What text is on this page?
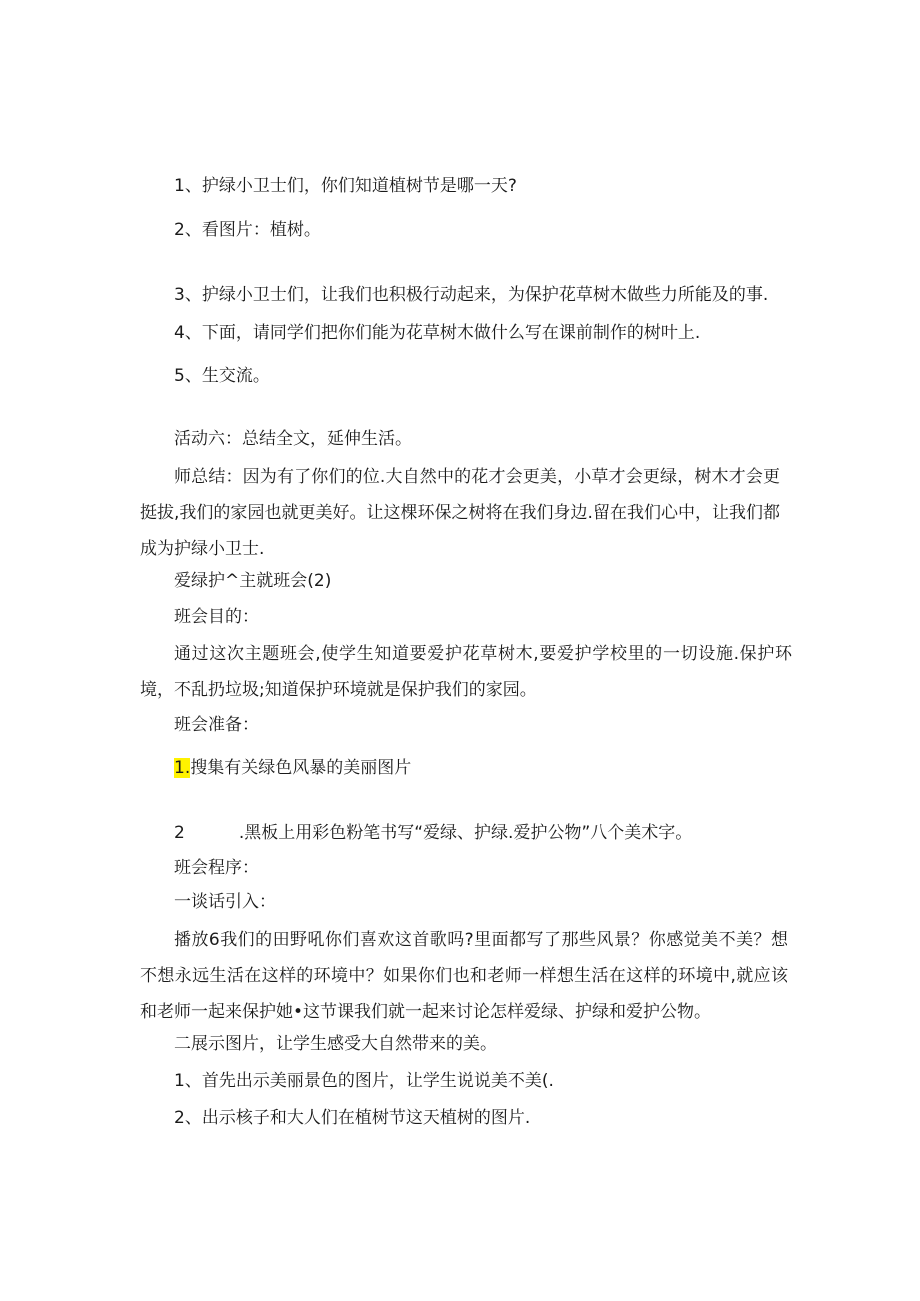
1、护绿小卫士们，你们知道植树节是哪一天?

2、看图片：植树。

3、护绿小卫士们，让我们也积极行动起来，为保护花草树木做些力所能及的事.

4、下面，请同学们把你们能为花草树木做什么写在课前制作的树叶上.

5、生交流。

活动六：总结全文，延伸生活。

师总结：因为有了你们的位.大自然中的花才会更美，小草才会更绿，树木才会更挺拔,我们的家园也就更美好。让这棵环保之树将在我们身边.留在我们心中，让我们都成为护绿小卫士.

爱绿护^主就班会(2)

班会目的：

通过这次主题班会,使学生知道要爱护花草树木,要爱护学校里的一切设施.保护环境，不乱扔垃圾;知道保护环境就是保护我们的家园。

班会准备：

1.搜集有关绿色风暴的美丽图片

2	.黑板上用彩色粉笔书写“爱绿、护绿.爱护公物”八个美术字。

班会程序：

一谈话引入：

播放6我们的田野吼你们喜欢这首歌吗?里面都写了那些风景？你感觉美不美？想不想永远生活在这样的环境中？如果你们也和老师一样想生活在这样的环境中,就应该和老师一起来保护她•这节课我们就一起来讨论怎样爱绿、护绿和爱护公物。

二展示图片，让学生感受大自然带来的美。

1、首先出示美丽景色的图片，让学生说说美不美(.

2、出示核子和大人们在植树节这天植树的图片.
